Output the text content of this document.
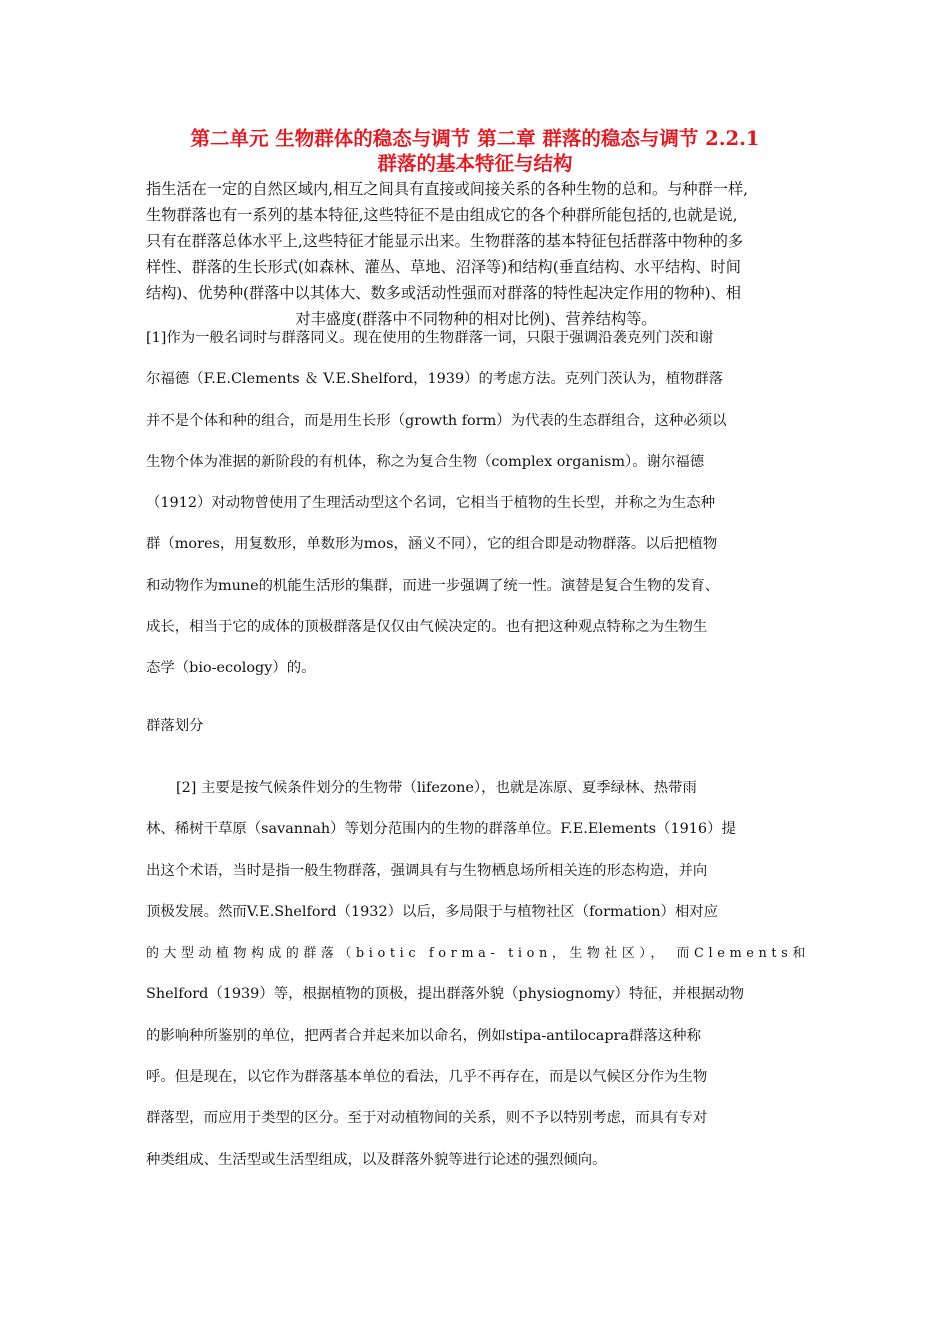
第二单元 生物群体的稳态与调节 第二章 群落的稳态与调节 2.2.1
群落的基本特征与结构
指生活在一定的自然区域内,相互之间具有直接或间接关系的各种生物的总和。与种群一样,
生物群落也有一系列的基本特征,这些特征不是由组成它的各个种群所能包括的,也就是说,
只有在群落总体水平上,这些特征才能显示出来。生物群落的基本特征包括群落中物种的多
样性、群落的生长形式(如森林、灌丛、草地、沼泽等)和结构(垂直结构、水平结构、时间
结构)、优势种(群落中以其体大、数多或活动性强而对群落的特性起决定作用的物种)、相
对丰盛度(群落中不同物种的相对比例)、营养结构等。
[1]作为一般名词时与群落同义。现在使用的生物群落一词，只限于强调沿袭克列门茨和谢
尔福德（F.E.Clements ＆ V.E.Shelford，1939）的考虑方法。克列门茨认为，植物群落
并不是个体和种的组合，而是用生长形（growth form）为代表的生态群组合，这种必须以
生物个体为准据的新阶段的有机体，称之为复合生物（complex organism）。谢尔福德
（1912）对动物曾使用了生理活动型这个名词，它相当于植物的生长型，并称之为生态种
群（mores，用复数形，单数形为mos，涵义不同），它的组合即是动物群落。以后把植物
和动物作为mune的机能生活形的集群，而进一步强调了统一性。演替是复合生物的发育、
成长，相当于它的成体的顶极群落是仅仅由气候决定的。也有把这种观点特称之为生物生
态学（bio-ecology）的。
群落划分
[2] 主要是按气候条件划分的生物带（lifezone），也就是冻原、夏季绿林、热带雨
林、稀树干草原（savannah）等划分范围内的生物的群落单位。F.E.Elements（1916）提
出这个术语，当时是指一般生物群落，强调具有与生物栖息场所相关连的形态构造，并向
顶极发展。然而V.E.Shelford（1932）以后，多局限于与植物社区（formation）相对应
的大型动植物构成的群落（biotic forma- tion，生物社区）， 而Clements和
Shelford（1939）等，根据植物的顶极，提出群落外貌（physiognomy）特征，并根据动物
的影响种所鉴别的单位，把两者合并起来加以命名，例如stipa-antilocapra群落这种称
呼。但是现在，以它作为群落基本单位的看法，几乎不再存在，而是以气候区分作为生物
群落型，而应用于类型的区分。至于对动植物间的关系，则不予以特别考虑，而具有专对
种类组成、生活型或生活型组成，以及群落外貌等进行论述的强烈倾向。
